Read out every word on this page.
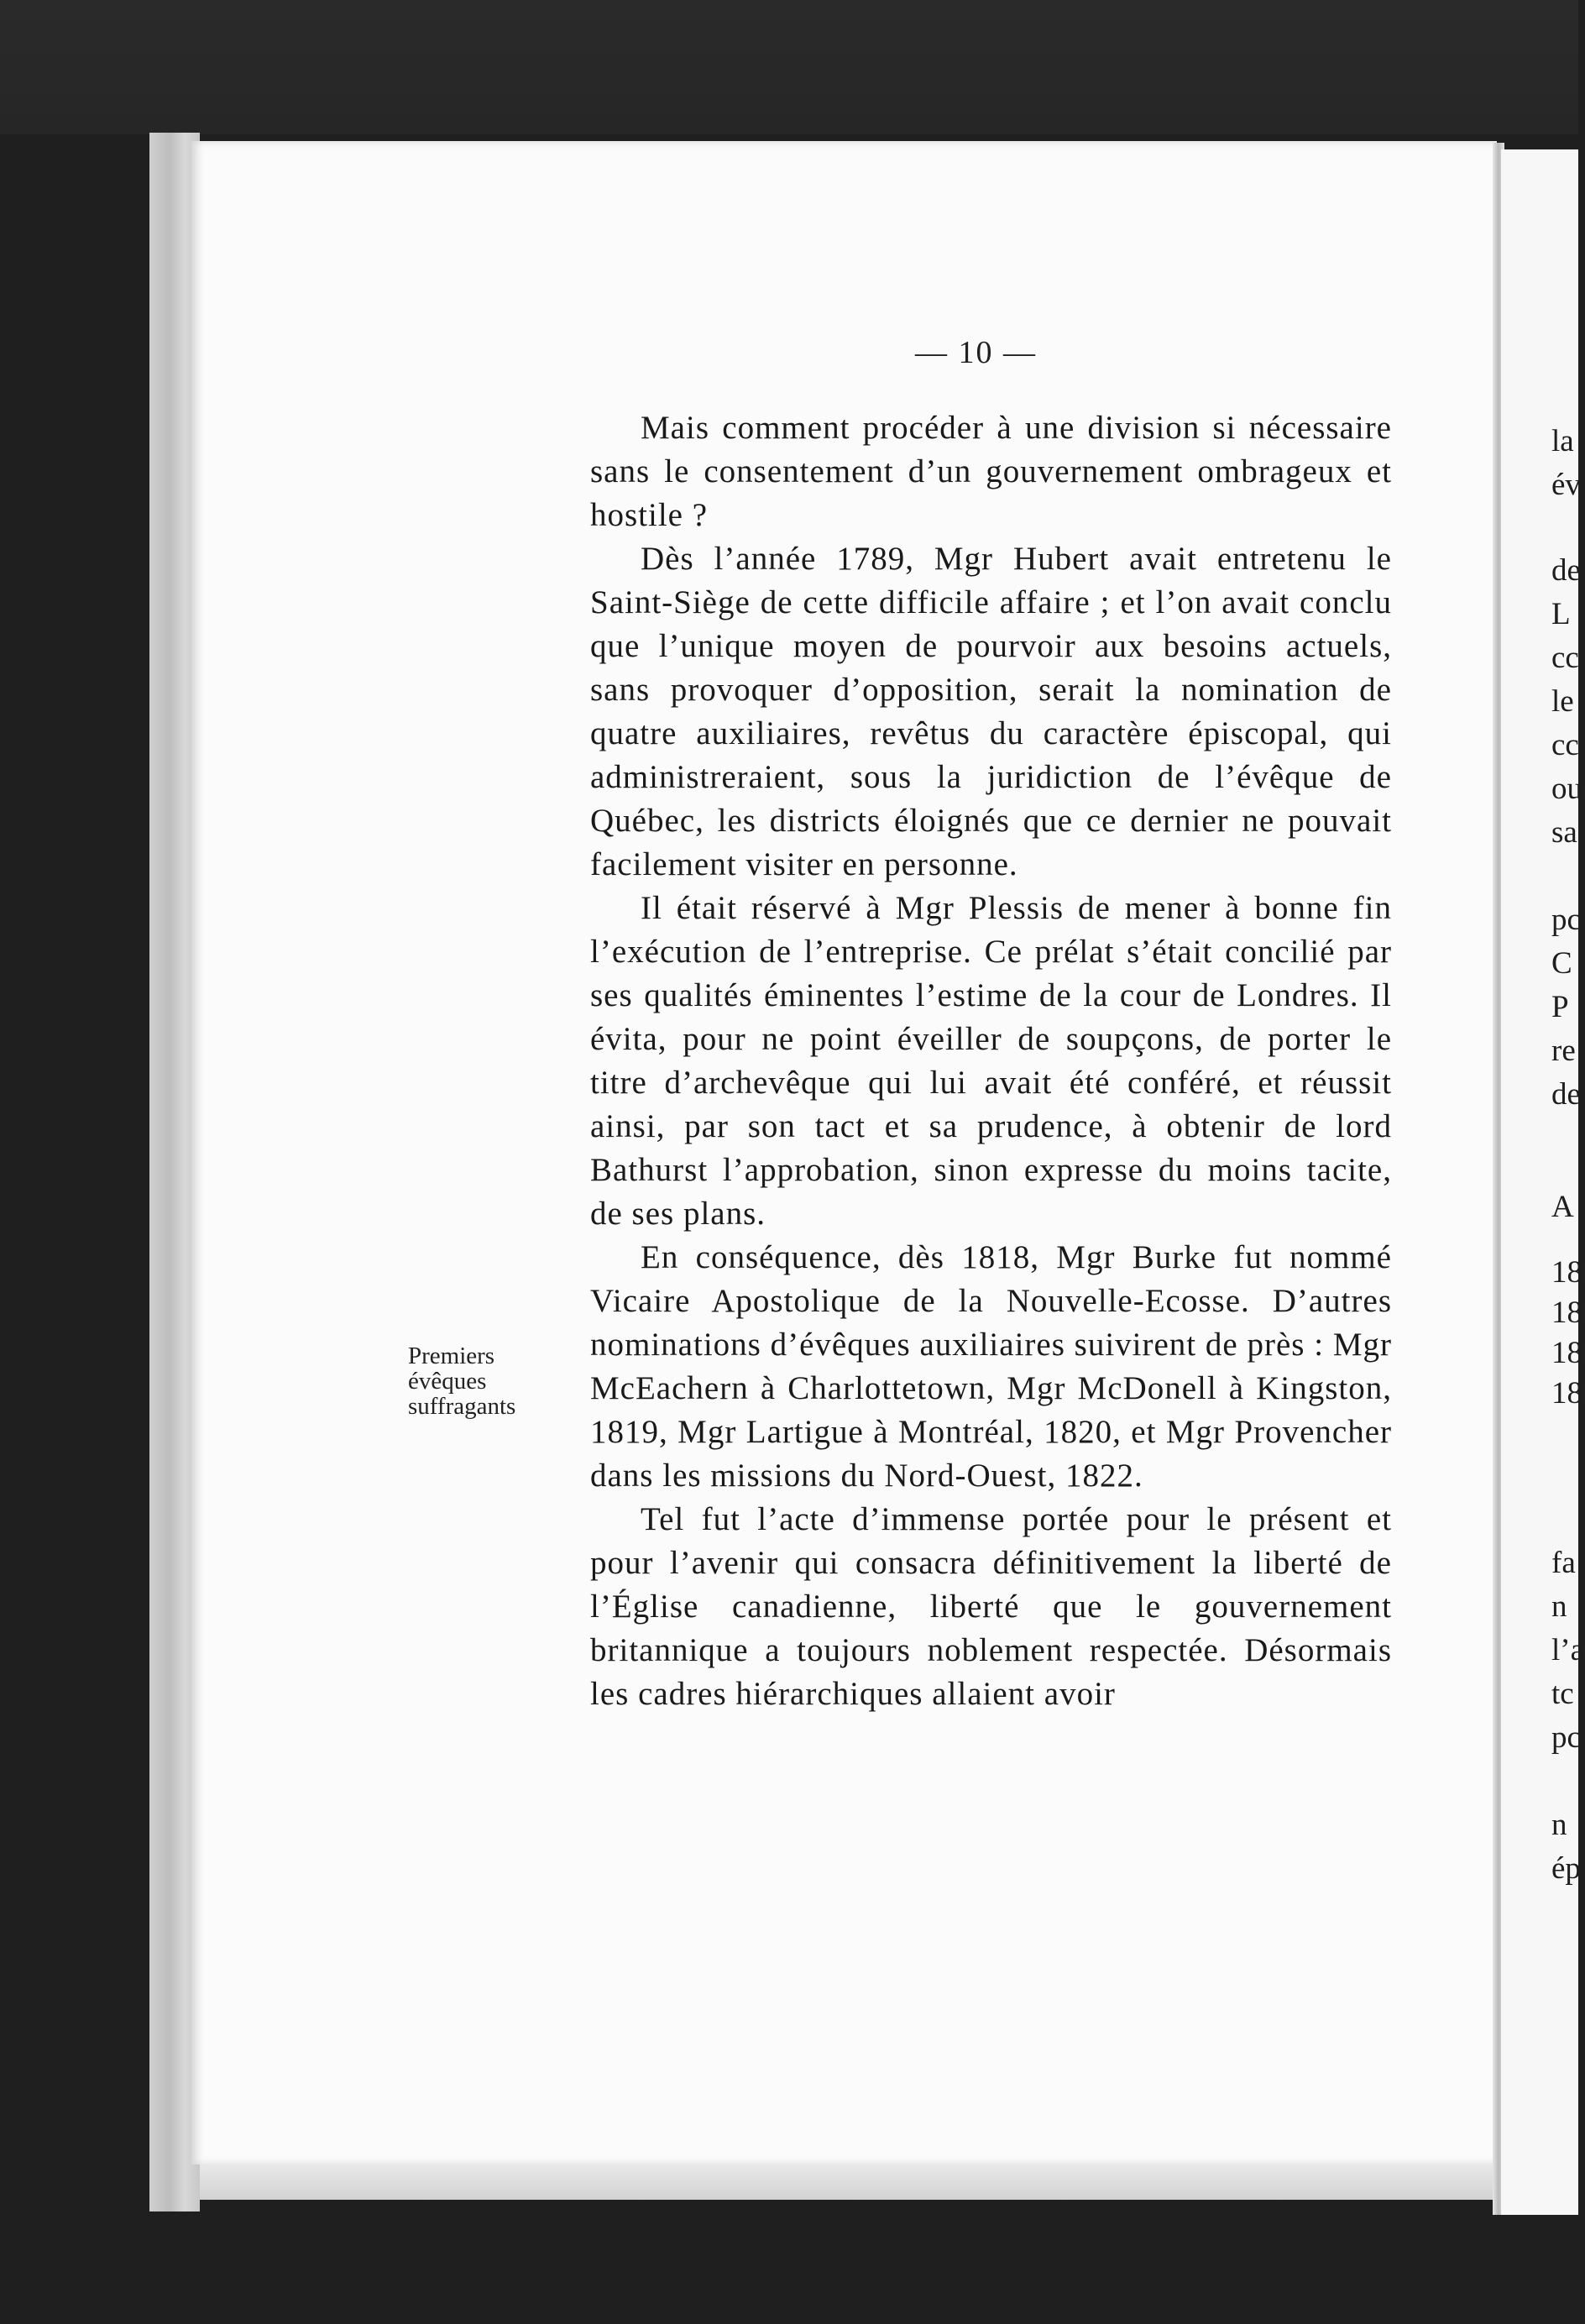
— 10 —
Premiers
évêques
suffragants

Mais comment procéder à une division si nécessaire sans le consentement d’un gouvernement ombrageux et hostile ?

Dès l’année 1789, Mgr Hubert avait entretenu le Saint-Siège de cette difficile affaire ; et l’on avait conclu que l’unique moyen de pourvoir aux besoins actuels, sans provoquer d’opposition, serait la nomination de quatre auxiliaires, revêtus du caractère épiscopal, qui administreraient, sous la juridiction de l’évêque de Québec, les districts éloignés que ce dernier ne pouvait facilement visiter en personne.

Il était réservé à Mgr Plessis de mener à bonne fin l’exécution de l’entreprise. Ce prélat s’était concilié par ses qualités éminentes l’estime de la cour de Londres. Il évita, pour ne point éveiller de soupçons, de porter le titre d’archevêque qui lui avait été conféré, et réussit ainsi, par son tact et sa prudence, à obtenir de lord Bathurst l’approbation, sinon expresse du moins tacite, de ses plans.

En conséquence, dès 1818, Mgr Burke fut nommé Vicaire Apostolique de la Nouvelle-Ecosse. D’autres nominations d’évêques auxiliaires suivirent de près : Mgr McEachern à Charlottetown, Mgr McDonell à Kingston, 1819, Mgr Lartigue à Montréal, 1820, et Mgr Provencher dans les missions du Nord-Ouest, 1822.

Tel fut l’acte d’immense portée pour le présent et pour l’avenir qui consacra définitivement la liberté de l’Église canadienne, liberté que le gouvernement britannique a toujours noblement respectée. Désormais les cadres hiérarchiques allaient avoir

la
év
de
L
cc
le
cc
ou
sa
pc
C
P
re
de
A
18
18
18
18
fa
n
l’a
tc
pc
n
ép
